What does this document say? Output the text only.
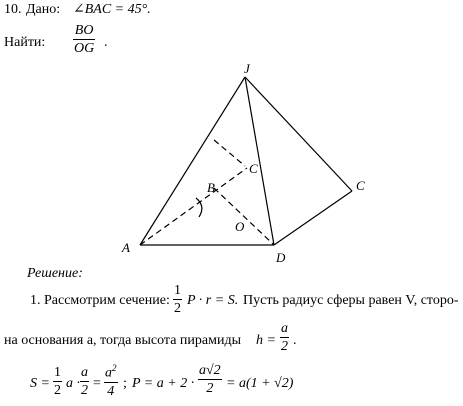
10. Дано: ∠BAC = 45°.
Найти:
BO
OG .
J
C
B	C
O
A
D
Решение:
1. Рассмотрим сечение:
1
2
P · r = S. Пусть радиус сферы равен V, сторо-
на основания a, тогда высота пирамиды h =
a
2 .
S =
1
2 a ·
a
2 =
$a^2$
4
; P = a + 2 ·
a√2
2 = a(1 + √2)
